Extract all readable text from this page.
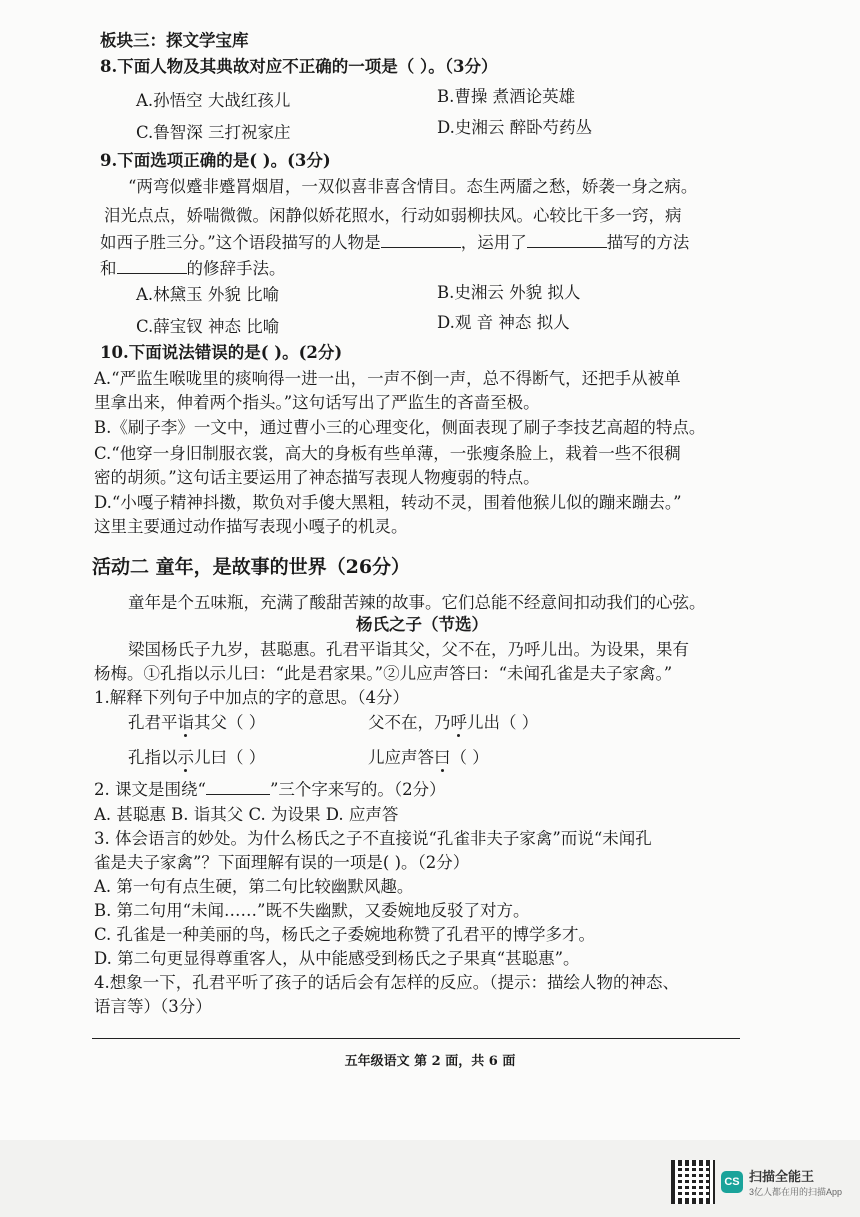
板块三：探文学宝库
8.下面人物及其典故对应不正确的一项是（ ）。（3分）
A.孙悟空 大战红孩儿	B.曹操 煮酒论英雄
C.鲁智深 三打祝家庄	D.史湘云 醉卧芍药丛
9.下面选项正确的是( )。(3分)
“两弯似蹙非蹙罥烟眉，一双似喜非喜含情目。态生两靥之愁，娇袭一身之病。
泪光点点，娇喘微微。闲静似娇花照水，行动如弱柳扶风。心较比干多一窍，病
如西子胜三分。”这个语段描写的人物是	，运用了	描写的方法
和	的修辞手法。
A.林黛玉 外貌 比喻	B.史湘云 外貌 拟人
C.薛宝钗 神态 比喻	D.观 音 神态 拟人
10.下面说法错误的是( )。(2分)
A.“严监生喉咙里的痰响得一进一出，一声不倒一声，总不得断气，还把手从被单
里拿出来，伸着两个指头。”这句话写出了严监生的吝啬至极。
B.《刷子李》一文中，通过曹小三的心理变化，侧面表现了刷子李技艺高超的特点。
C.“他穿一身旧制服衣裳，高大的身板有些单薄，一张瘦条脸上，栽着一些不很稠
密的胡须。”这句话主要运用了神态描写表现人物瘦弱的特点。
D.“小嘎子精神抖擞，欺负对手傻大黑粗，转动不灵，围着他猴儿似的蹦来蹦去。”
这里主要通过动作描写表现小嘎子的机灵。
活动二 童年，是故事的世界（26分）
童年是个五味瓶，充满了酸甜苦辣的故事。它们总能不经意间扣动我们的心弦。
杨氏之子（节选）
梁国杨氏子九岁，甚聪惠。孔君平诣其父，父不在，乃呼儿出。为设果，果有
杨梅。①孔指以示儿曰：“此是君家果。”②儿应声答曰：“未闻孔雀是夫子家禽。”
1.解释下列句子中加点的字的意思。（4分）
孔君平诣其父（ ）	父不在，乃呼儿出（ ）
孔指以示儿曰（ ）	儿应声答曰（ ）
2. 课文是围绕“	”三个字来写的。（2分）
A. 甚聪惠 B. 诣其父 C. 为设果 D. 应声答
3. 体会语言的妙处。为什么杨氏之子不直接说“孔雀非夫子家禽”而说“未闻孔
雀是夫子家禽”？下面理解有误的一项是( )。（2分）
A. 第一句有点生硬，第二句比较幽默风趣。
B. 第二句用“未闻……”既不失幽默，又委婉地反驳了对方。
C. 孔雀是一种美丽的鸟，杨氏之子委婉地称赞了孔君平的博学多才。
D. 第二句更显得尊重客人，从中能感受到杨氏之子果真“甚聪惠”。
4.想象一下，孔君平听了孩子的话后会有怎样的反应。（提示：描绘人物的神态、
语言等）（3分）
五年级语文 第 2 面，共 6 面
CS 扫描全能王
3亿人都在用的扫描App
